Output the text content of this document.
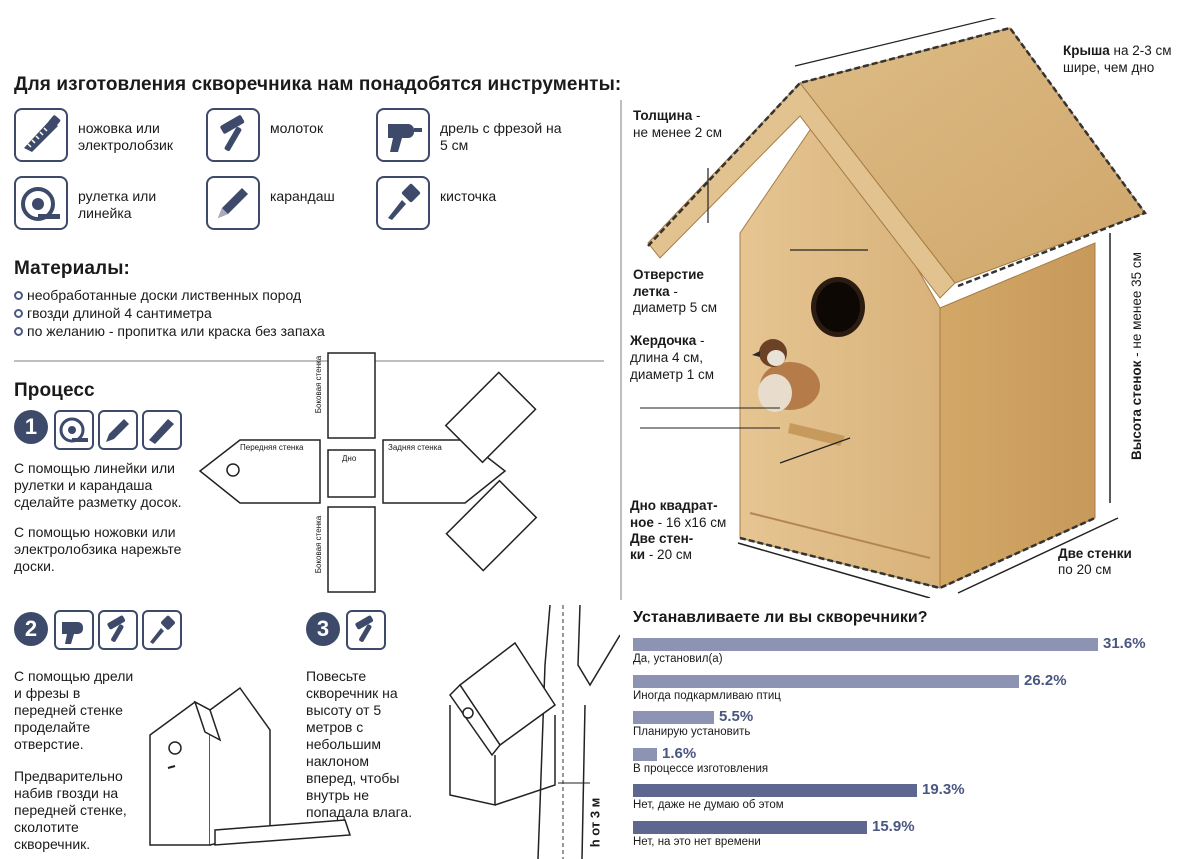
Для изготовления скворечника нам понадобятся инструменты:
ножовка или электролобзик
молоток	дрель с фрезой на 5 см
рулетка или линейка
карандаш	кисточка
Материалы:
необработанные доски лиственных пород
гвозди длиной 4 сантиметра
по желанию - пропитка или краска без запаха
Процесс
1
С помощью линейки или рулетки и карандаша сделайте разметку досок.
С помощью ножовки или электролобзика нарежьте доски.
Передняя стенка	Задняя стенка
Дно
Боковая стенка
Боковая стенка
2
С помощью дрели и фрезы в передней стенке проделайте отверстие.
Предварительно набив гвозди на передней стенке, сколотите скворечник.
3
Повесьте скворечник на высоту от 5 метров с небольшим наклоном вперед, чтобы внутрь не попадала влага.	h от 3 м
Крыша на 2-3 см
шире, чем дно
Толщина -
не менее 2 см
Отверстие
летка -
диаметр 5 см
Жердочка -
длина 4 см,
диаметр 1 см
Дно квадрат-
ное - 16 х16 см
Две стен-
ки - 20 см	Две стенки
по 20 см
Высота стенок - не менее 35 см
Устанавливаете ли вы скворечники?
31.6%
Да, установил(а)
26.2%
Иногда подкармливаю птиц
5.5%
Планирую установить
1.6%
В процессе изготовления
19.3%
Нет, даже не думаю об этом
15.9%
Нет, на это нет времени
